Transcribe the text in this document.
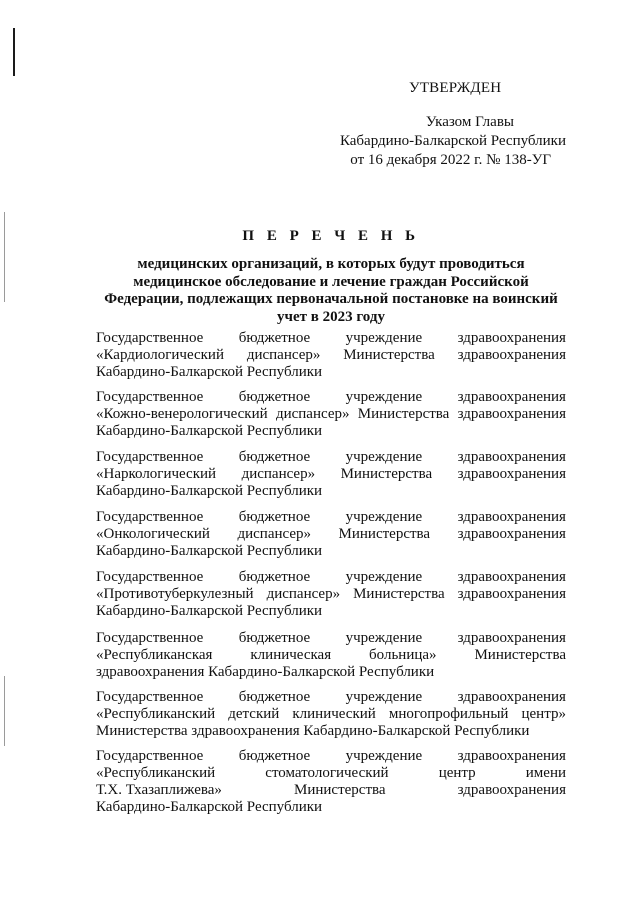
УТВЕРЖДЕН
Указом Главы
Кабардино-Балкарской Республики
от 16 декабря 2022 г. № 138-УГ
П Е Р Е Ч Е Н Ь
медицинских организаций, в которых будут проводиться
медицинское обследование и лечение граждан Российской
Федерации, подлежащих первоначальной постановке на воинский
учет в 2023 году
Государственное бюджетное учреждение здравоохранения
«Кардиологический диспансер» Министерства здравоохранения
Кабардино-Балкарской Республики
Государственное бюджетное учреждение здравоохранения
«Кожно-венерологический диспансер» Министерства здравоохранения
Кабардино-Балкарской Республики
Государственное бюджетное учреждение здравоохранения
«Наркологический диспансер» Министерства здравоохранения
Кабардино-Балкарской Республики
Государственное бюджетное учреждение здравоохранения
«Онкологический диспансер» Министерства здравоохранения
Кабардино-Балкарской Республики
Государственное бюджетное учреждение здравоохранения
«Противотуберкулезный диспансер» Министерства здравоохранения
Кабардино-Балкарской Республики
Государственное бюджетное учреждение здравоохранения
«Республиканская	клиническая	больница»	Министерства
здравоохранения Кабардино-Балкарской Республики
Государственное бюджетное учреждение здравоохранения
«Республиканский детский клинический многопрофильный центр»
Министерства здравоохранения Кабардино-Балкарской Республики
Государственное бюджетное учреждение здравоохранения
«Республиканский	стоматологический	центр	имени
Т.Х. Тхазаплижева»	Министерства	здравоохранения
Кабардино-Балкарской Республики
